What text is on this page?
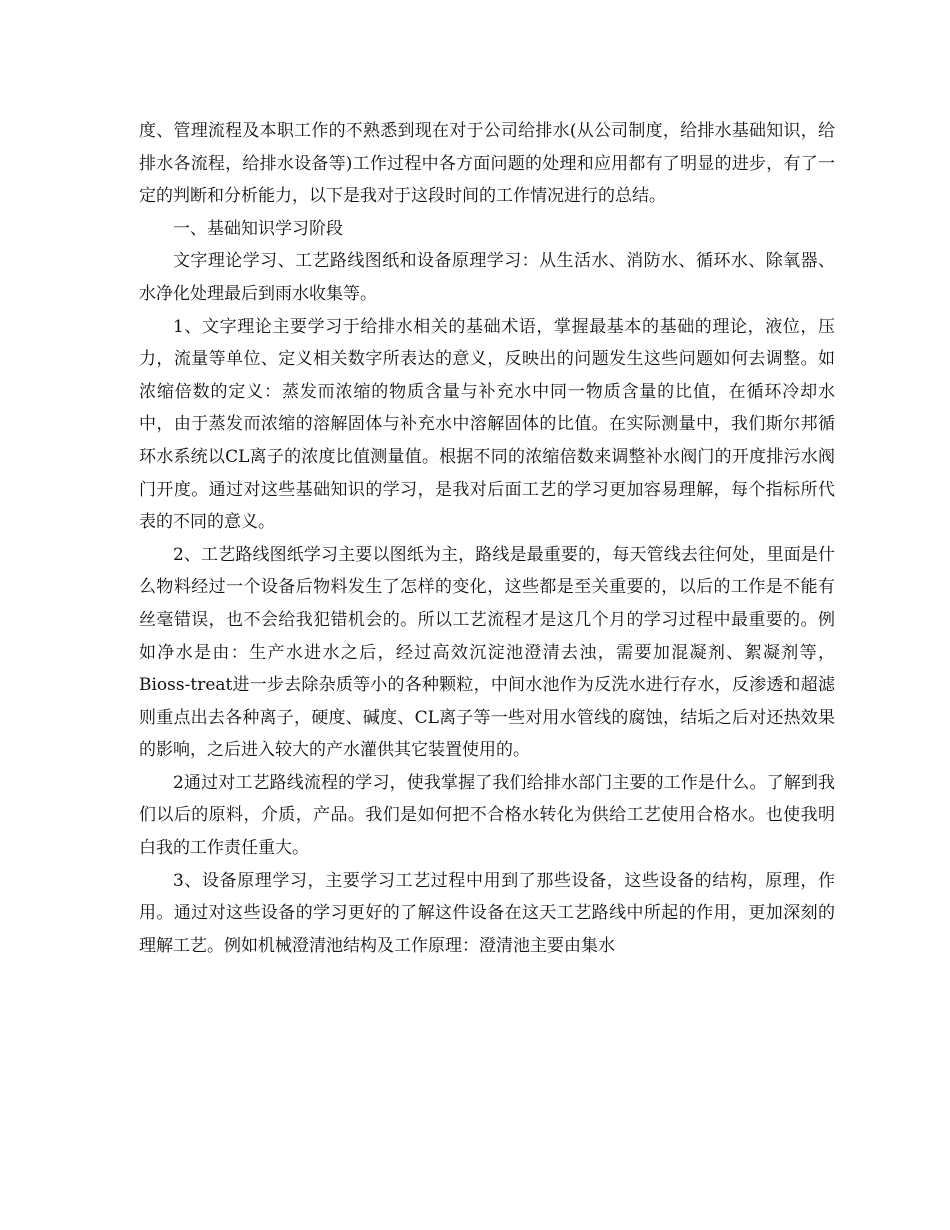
度、管理流程及本职工作的不熟悉到现在对于公司给排水(从公司制度，给排水基础知识，给排水各流程，给排水设备等)工作过程中各方面问题的处理和应用都有了明显的进步，有了一定的判断和分析能力，以下是我对于这段时间的工作情况进行的总结。

一、基础知识学习阶段

文字理论学习、工艺路线图纸和设备原理学习：从生活水、消防水、循环水、除氧器、水净化处理最后到雨水收集等。

1、文字理论主要学习于给排水相关的基础术语，掌握最基本的基础的理论，液位，压力，流量等单位、定义相关数字所表达的意义，反映出的问题发生这些问题如何去调整。如浓缩倍数的定义：蒸发而浓缩的物质含量与补充水中同一物质含量的比值，在循环冷却水中，由于蒸发而浓缩的溶解固体与补充水中溶解固体的比值。在实际测量中，我们斯尔邦循环水系统以CL离子的浓度比值测量值。根据不同的浓缩倍数来调整补水阀门的开度排污水阀门开度。通过对这些基础知识的学习，是我对后面工艺的学习更加容易理解，每个指标所代表的不同的意义。

2、工艺路线图纸学习主要以图纸为主，路线是最重要的，每天管线去往何处，里面是什么物料经过一个设备后物料发生了怎样的变化，这些都是至关重要的，以后的工作是不能有丝毫错误，也不会给我犯错机会的。所以工艺流程才是这几个月的学习过程中最重要的。例如净水是由：生产水进水之后，经过高效沉淀池澄清去浊，需要加混凝剂、絮凝剂等，Bioss-treat进一步去除杂质等小的各种颗粒，中间水池作为反洗水进行存水，反渗透和超滤则重点出去各种离子，硬度、碱度、CL离子等一些对用水管线的腐蚀，结垢之后对还热效果的影响，之后进入较大的产水灌供其它装置使用的。

2通过对工艺路线流程的学习，使我掌握了我们给排水部门主要的工作是什么。了解到我们以后的原料，介质，产品。我们是如何把不合格水转化为供给工艺使用合格水。也使我明白我的工作责任重大。

3、设备原理学习，主要学习工艺过程中用到了那些设备，这些设备的结构，原理，作用。通过对这些设备的学习更好的了解这件设备在这天工艺路线中所起的作用，更加深刻的理解工艺。例如机械澄清池结构及工作原理：澄清池主要由集水
